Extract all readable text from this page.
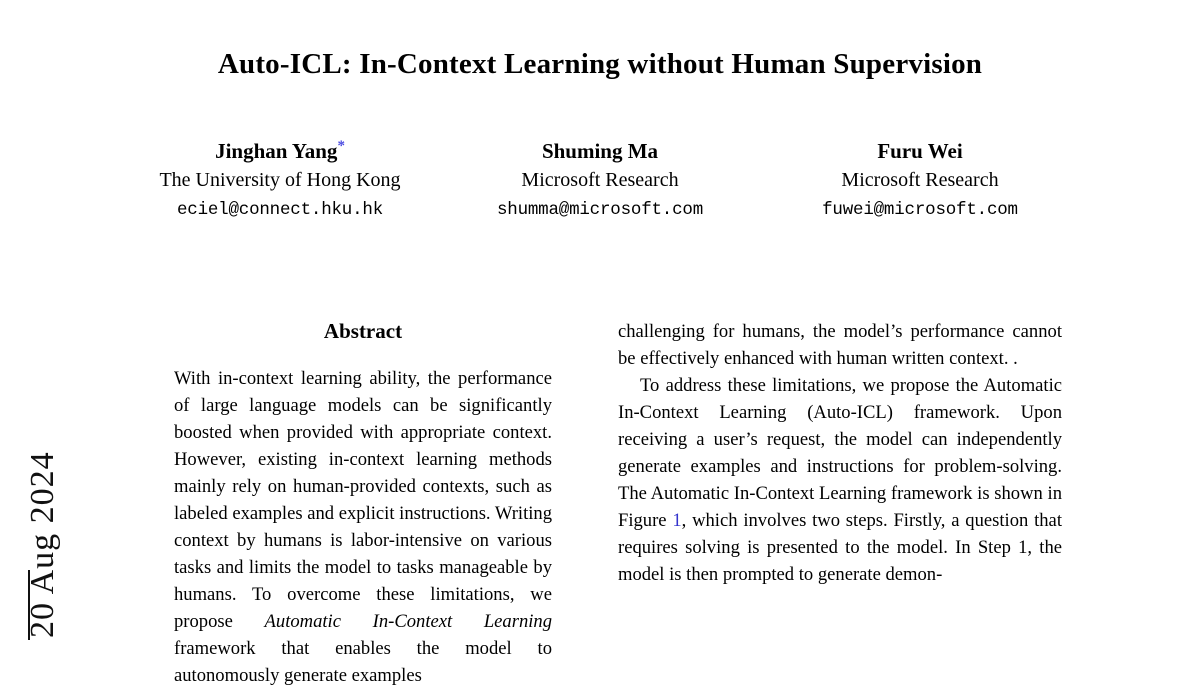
20 Aug 2024
Auto-ICL: In-Context Learning without Human Supervision
Jinghan Yang*
The University of Hong Kong
eciel@connect.hku.hk
Shuming Ma
Microsoft Research
shumma@microsoft.com
Furu Wei
Microsoft Research
fuwei@microsoft.com
Abstract

With in-context learning ability, the performance of large language models can be significantly boosted when provided with appropriate context. However, existing in-context learning methods mainly rely on human-provided contexts, such as labeled examples and explicit instructions. Writing context by humans is labor-intensive on various tasks and limits the model to tasks manageable by humans. To overcome these limitations, we propose Automatic In-Context Learning framework that enables the model to autonomously generate examples

challenging for humans, the model’s performance cannot be effectively enhanced with human written context. .

To address these limitations, we propose the Automatic In-Context Learning (Auto-ICL) framework. Upon receiving a user’s request, the model can independently generate examples and instructions for problem-solving. The Automatic In-Context Learning framework is shown in Figure 1, which involves two steps. Firstly, a question that requires solving is presented to the model. In Step 1, the model is then prompted to generate demon-
